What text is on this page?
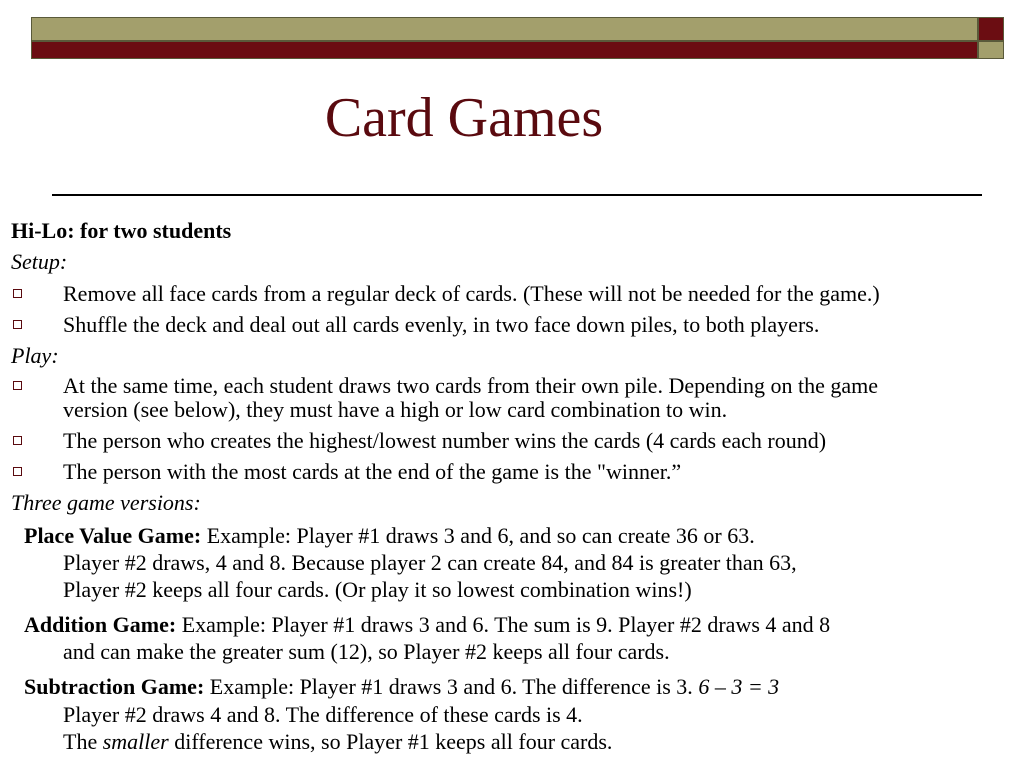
Card Games
Hi-Lo: for two students
Setup:
Remove all face cards from a regular deck of cards. (These will not be needed for the game.)
Shuffle the deck and deal out all cards evenly, in two face down piles, to both players.
Play:
At the same time, each student draws two cards from their own pile. Depending on the game
version (see below), they must have a high or low card combination to win.
The person who creates the highest/lowest number wins the cards (4 cards each round)
The person with the most cards at the end of the game is the "winner.”
Three game versions:
Place Value Game: Example: Player #1 draws 3 and 6, and so can create 36 or 63.
Player #2 draws, 4 and 8. Because player 2 can create 84, and 84 is greater than 63,
Player #2 keeps all four cards. (Or play it so lowest combination wins!)
Addition Game: Example: Player #1 draws 3 and 6. The sum is 9. Player #2 draws 4 and 8
and can make the greater sum (12), so Player #2 keeps all four cards.
Subtraction Game: Example: Player #1 draws 3 and 6. The difference is 3. 6 – 3 = 3
Player #2 draws 4 and 8. The difference of these cards is 4.
The smaller difference wins, so Player #1 keeps all four cards.
